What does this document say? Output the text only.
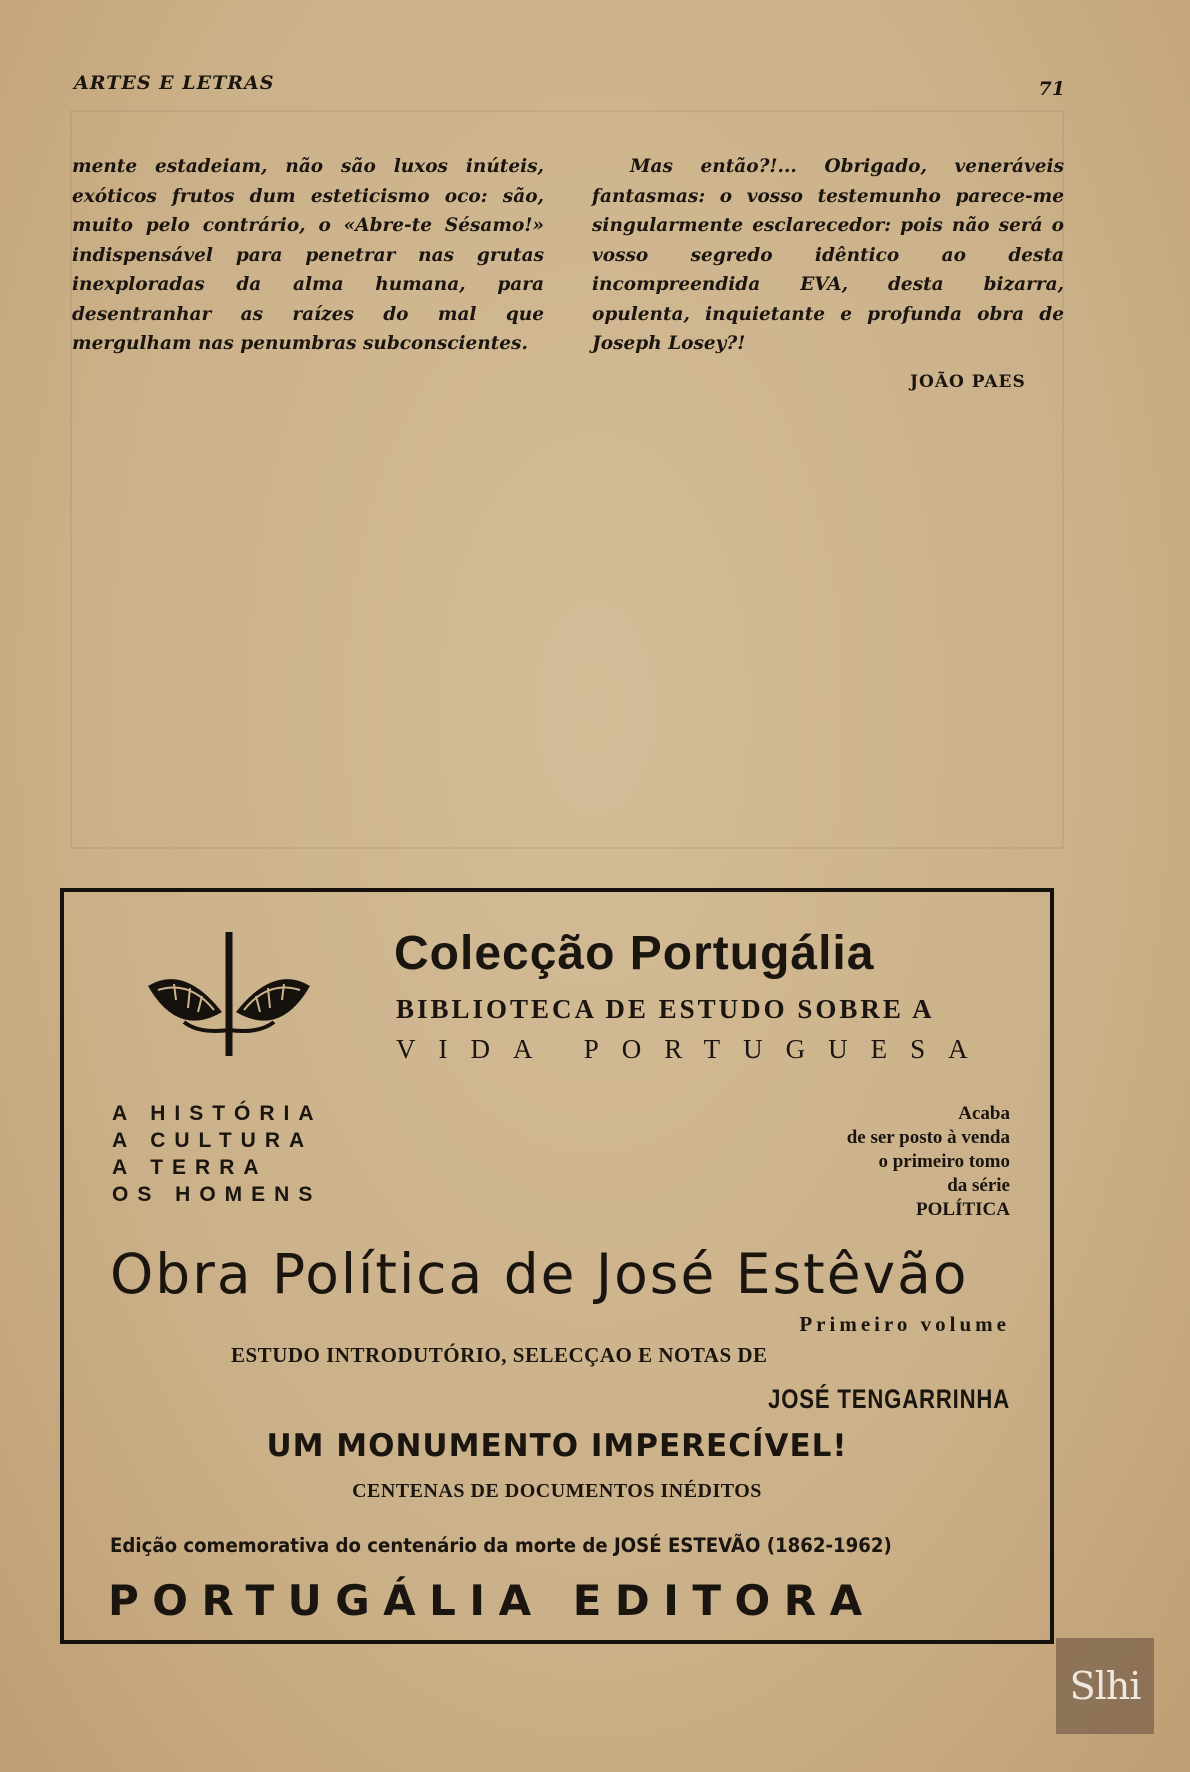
ARTES E LETRAS	71

mente estadeiam, não são luxos inúteis, exóticos frutos dum esteticismo oco: são, muito pelo contrário, o «Abre-te Sésamo!» indispensável para penetrar nas grutas inexploradas da alma humana, para desentranhar as raízes do mal que mergulham nas penumbras subconscientes.

Mas então?!... Obrigado, veneráveis fantasmas: o vosso testemunho parece-me singularmente esclarecedor: pois não será o vosso segredo idêntico ao desta incompreendida EVA, desta bizarra, opulenta, inquietante e profunda obra de Joseph Losey?!

JOÃO PAES
Colecção Portugália
BIBLIOTECA DE ESTUDO SOBRE A
VIDA PORTUGUESA
A HISTÓRIA
A CULTURA
A TERRA
OS HOMENS
Acaba
de ser posto à venda
o primeiro tomo
da série
POLÍTICA
Obra Política de José Estêvão
Primeiro volume
ESTUDO INTRODUTÓRIO, SELECÇAO E NOTAS DE
JOSÉ TENGARRINHA
UM MONUMENTO IMPERECÍVEL!
CENTENAS DE DOCUMENTOS INÉDITOS
Edição comemorativa do centenário da morte de JOSÉ ESTEVÃO (1862-1962)
PORTUGÁLIA EDITORA
Slhi
